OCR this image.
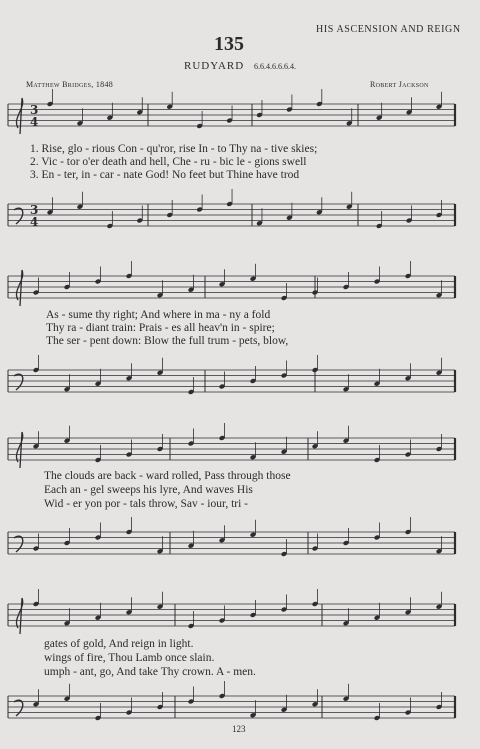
HIS ASCENSION AND REIGN
135
RUDYARD 6.6.4.6.6.6.4.
Matthew Bridges, 1848	Robert Jackson
3
4
1. Rise, glo - rious Con - qu'ror, rise In - to Thy na - tive skies;
2. Vic - tor o'er death and hell, Che - ru - bic le - gions swell
3. En - ter, in - car - nate God! No feet but Thine have trod
3
4
As - sume thy right; And where in ma - ny a fold
Thy ra - diant train: Prais - es all heav'n in - spire;
The ser - pent down: Blow the full trum - pets, blow,
The clouds are back - ward rolled, Pass through those
Each an - gel sweeps his lyre, And waves His
Wid - er yon por - tals throw, Sav - iour, tri -
gates of gold, And reign in light.
wings of fire, Thou Lamb once slain.
umph - ant, go, And take Thy crown. A - men.
123
